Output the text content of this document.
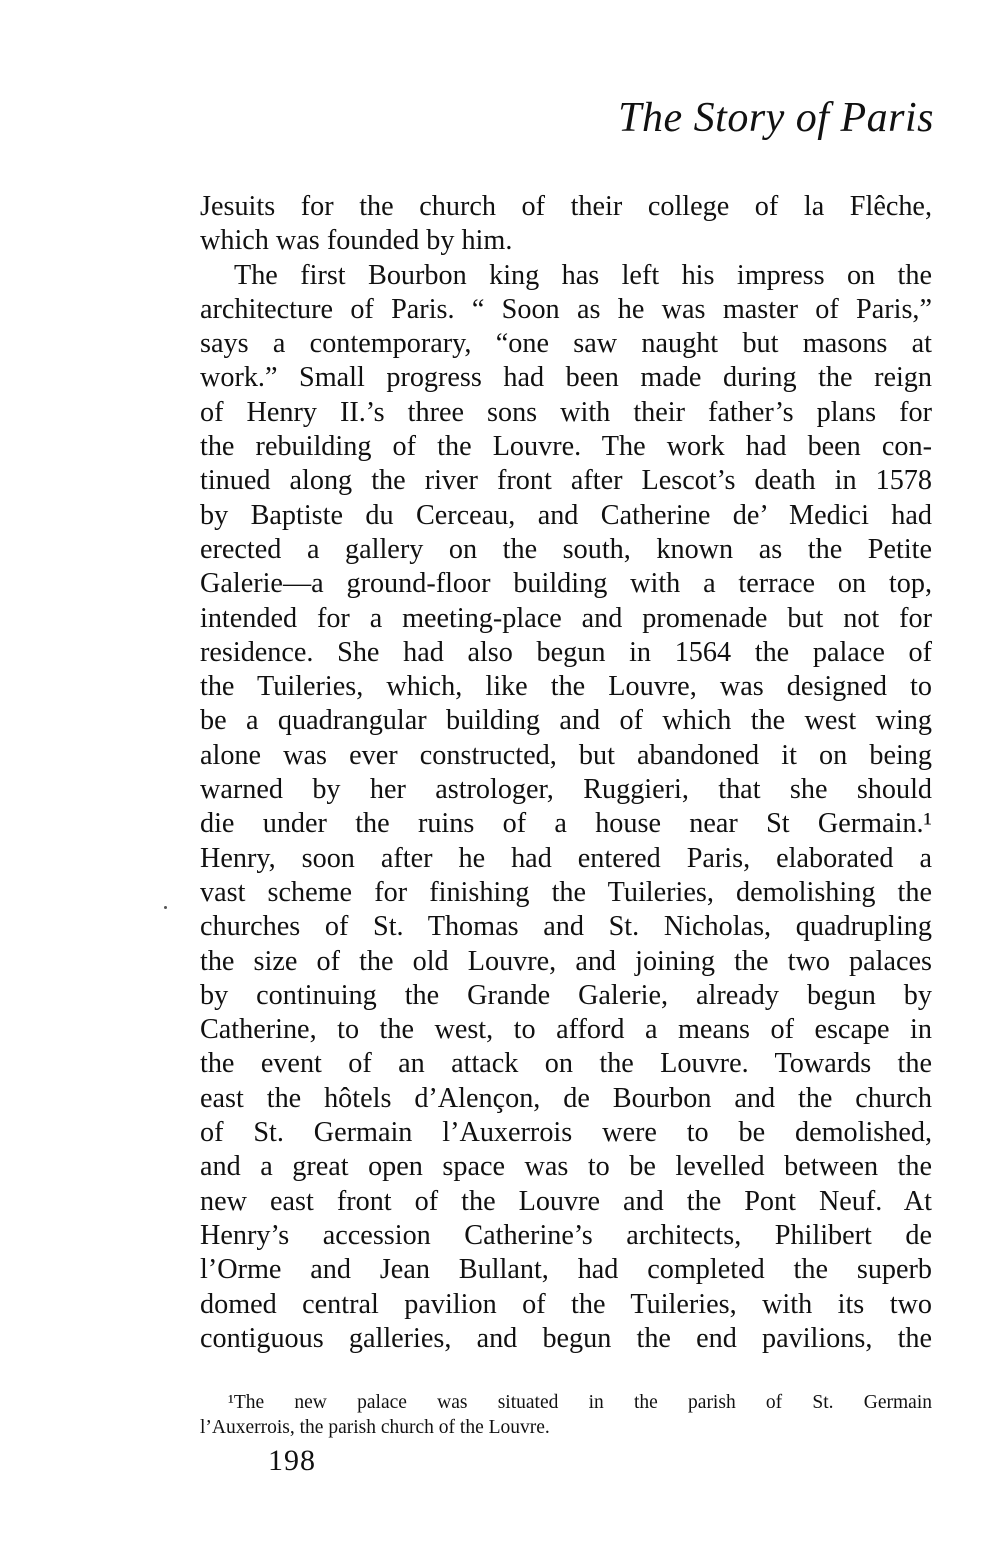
The Story of Paris
Jesuits for the church of their college of la Flêche,
which was founded by him.
The first Bourbon king has left his impress on the
architecture of Paris. “ Soon as he was master of Paris,”
says a contemporary, “one saw naught but masons at
work.” Small progress had been made during the reign
of Henry II.’s three sons with their father’s plans for
the rebuilding of the Louvre. The work had been con-
tinued along the river front after Lescot’s death in 1578
by Baptiste du Cerceau, and Catherine de’ Medici had
erected a gallery on the south, known as the Petite
Galerie—a ground-floor building with a terrace on top,
intended for a meeting-place and promenade but not for
residence. She had also begun in 1564 the palace of
the Tuileries, which, like the Louvre, was designed to
be a quadrangular building and of which the west wing
alone was ever constructed, but abandoned it on being
warned by her astrologer, Ruggieri, that she should
die under the ruins of a house near St Germain.¹
Henry, soon after he had entered Paris, elaborated a
vast scheme for finishing the Tuileries, demolishing the
churches of St. Thomas and St. Nicholas, quadrupling
the size of the old Louvre, and joining the two palaces
by continuing the Grande Galerie, already begun by
Catherine, to the west, to afford a means of escape in
the event of an attack on the Louvre. Towards the
east the hôtels d’Alençon, de Bourbon and the church
of St. Germain l’Auxerrois were to be demolished,
and a great open space was to be levelled between the
new east front of the Louvre and the Pont Neuf. At
Henry’s accession Catherine’s architects, Philibert de
l’Orme and Jean Bullant, had completed the superb
domed central pavilion of the Tuileries, with its two
contiguous galleries, and begun the end pavilions, the
¹The new palace was situated in the parish of St. Germain
l’Auxerrois, the parish church of the Louvre.

198
